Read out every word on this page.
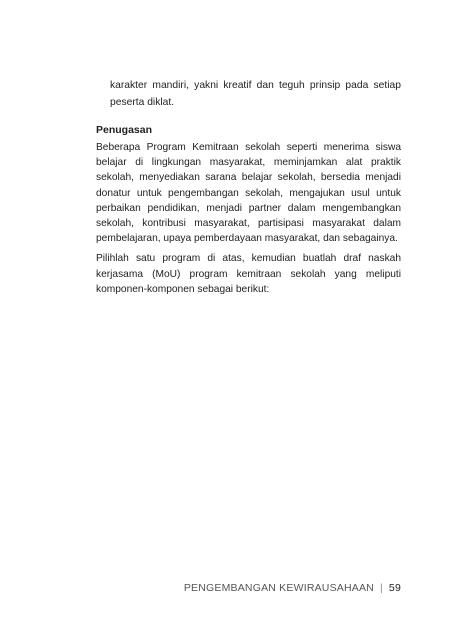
karakter mandiri, yakni kreatif dan teguh prinsip pada setiap peserta diklat.

Penugasan

Beberapa Program Kemitraan sekolah seperti menerima siswa belajar di lingkungan masyarakat, meminjamkan alat praktik sekolah, menyediakan sarana belajar sekolah, bersedia menjadi donatur untuk pengembangan sekolah, mengajukan usul untuk perbaikan pendidikan, menjadi partner dalam mengembangkan sekolah, kontribusi masyarakat, partisipasi masyarakat dalam pembelajaran, upaya pemberdayaan masyarakat, dan sebagainya.

Pilihlah satu program di atas, kemudian buatlah draf naskah kerjasama (MoU) program kemitraan sekolah yang meliputi komponen-komponen sebagai berikut:

PENGEMBANGAN KEWIRAUSAHAAN | 59
